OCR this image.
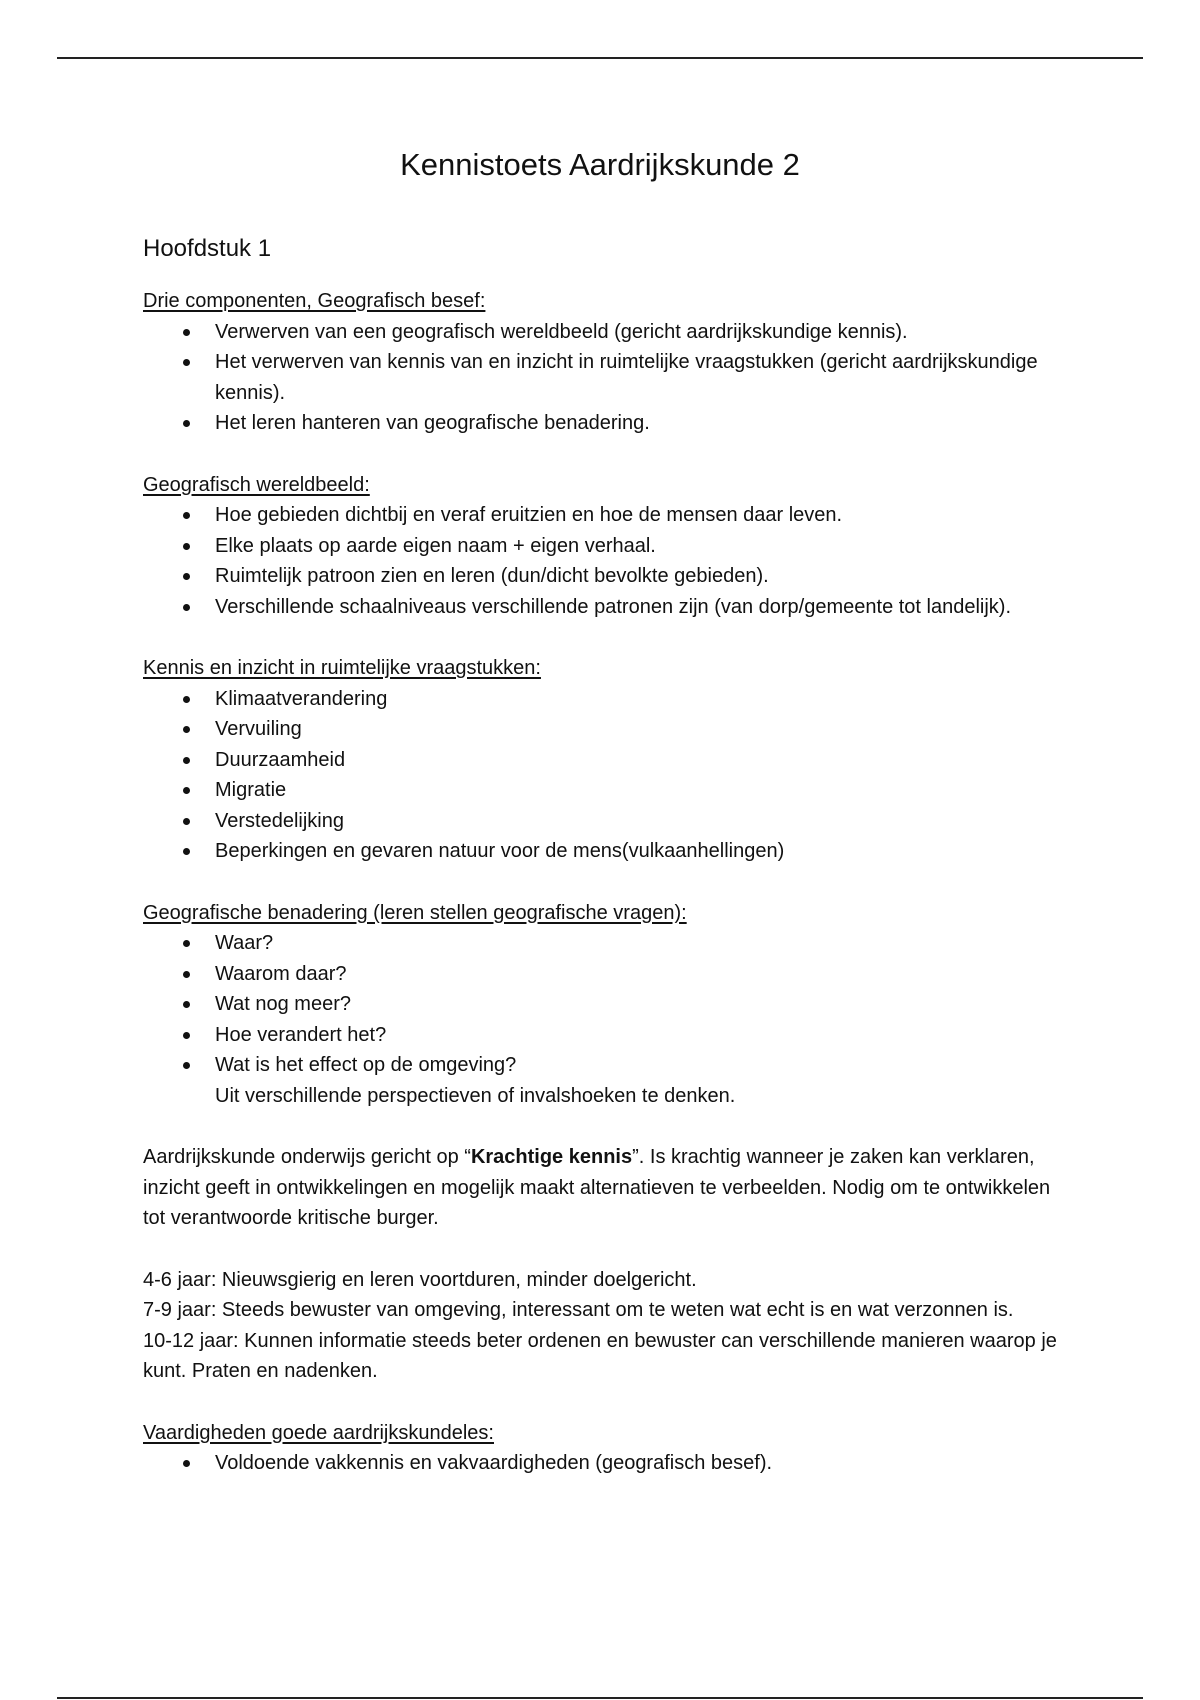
Kennistoets Aardrijkskunde 2
Hoofdstuk 1
Drie componenten, Geografisch besef:
Verwerven van een geografisch wereldbeeld (gericht aardrijkskundige kennis).
Het verwerven van kennis van en inzicht in ruimtelijke vraagstukken (gericht aardrijkskundige kennis).
Het leren hanteren van geografische benadering.
Geografisch wereldbeeld:
Hoe gebieden dichtbij en veraf eruitzien en hoe de mensen daar leven.
Elke plaats op aarde eigen naam + eigen verhaal.
Ruimtelijk patroon zien en leren (dun/dicht bevolkte gebieden).
Verschillende schaalniveaus verschillende patronen zijn (van dorp/gemeente tot landelijk).
Kennis en inzicht in ruimtelijke vraagstukken:
Klimaatverandering
Vervuiling
Duurzaamheid
Migratie
Verstedelijking
Beperkingen en gevaren natuur voor de mens(vulkaanhellingen)
Geografische benadering (leren stellen geografische vragen):
Waar?
Waarom daar?
Wat nog meer?
Hoe verandert het?
Wat is het effect op de omgeving?
Uit verschillende perspectieven of invalshoeken te denken.

Aardrijkskunde onderwijs gericht op “Krachtige kennis”. Is krachtig wanneer je zaken kan verklaren, inzicht geeft in ontwikkelingen en mogelijk maakt alternatieven te verbeelden. Nodig om te ontwikkelen tot verantwoorde kritische burger.

4-6 jaar: Nieuwsgierig en leren voortduren, minder doelgericht.

7-9 jaar: Steeds bewuster van omgeving, interessant om te weten wat echt is en wat verzonnen is.

10-12 jaar: Kunnen informatie steeds beter ordenen en bewuster can verschillende manieren waarop je kunt. Praten en nadenken.

Vaardigheden goede aardrijkskundeles:
Voldoende vakkennis en vakvaardigheden (geografisch besef).
